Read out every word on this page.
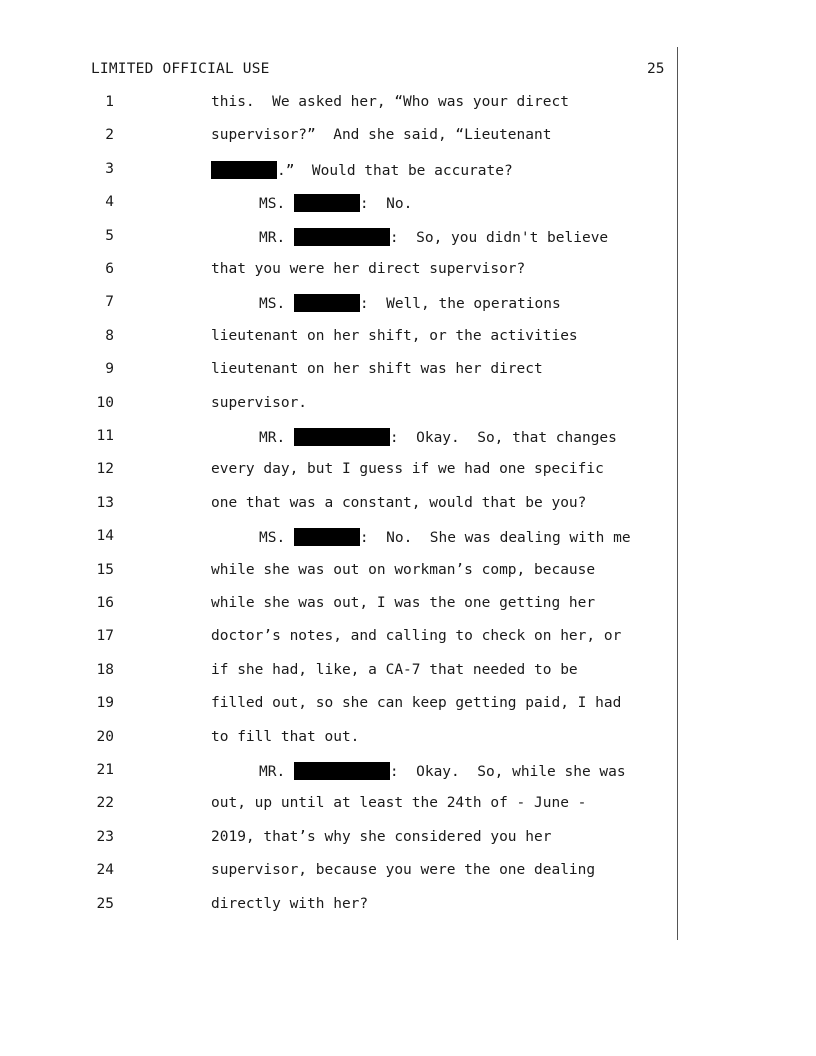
LIMITED OFFICIAL USE	25
1	this.  We asked her, “Who was your direct
2	supervisor?”  And she said, “Lieutenant
3	.”  Would that be accurate?
4	MS.	:  No.
5	MR.	:  So, you didn't believe
6	that you were her direct supervisor?
7	MS.	:  Well, the operations
8	lieutenant on her shift, or the activities
9	lieutenant on her shift was her direct
10	supervisor.
11	MR.	:  Okay.  So, that changes
12	every day, but I guess if we had one specific
13	one that was a constant, would that be you?
14	MS.	:  No.  She was dealing with me
15	while she was out on workman’s comp, because
16	while she was out, I was the one getting her
17	doctor’s notes, and calling to check on her, or
18	if she had, like, a CA-7 that needed to be
19	filled out, so she can keep getting paid, I had
20	to fill that out.
21	MR.	:  Okay.  So, while she was
22	out, up until at least the 24th of - June -
23	2019, that’s why she considered you her
24	supervisor, because you were the one dealing
25	directly with her?
